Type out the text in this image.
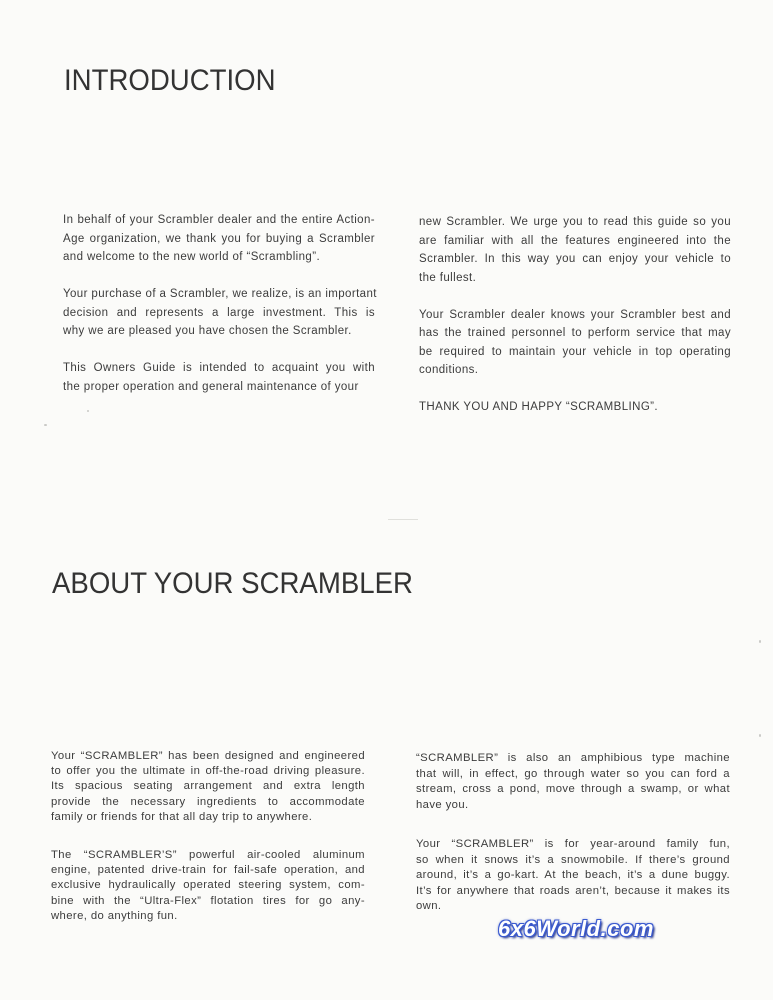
INTRODUCTION
In behalf of your Scrambler dealer and the entire Action-
Age organization, we thank you for buying a Scrambler
and welcome to the new world of “Scrambling”.
Your purchase of a Scrambler, we realize, is an important
decision and represents a large investment. This is
why we are pleased you have chosen the Scrambler.
This Owners Guide is intended to acquaint you with
the proper operation and general maintenance of your
new Scrambler. We urge you to read this guide so you
are familiar with all the features engineered into the
Scrambler. In this way you can enjoy your vehicle to
the fullest.
Your Scrambler dealer knows your Scrambler best and
has the trained personnel to perform service that may
be required to maintain your vehicle in top operating
conditions.
THANK YOU AND HAPPY “SCRAMBLING”.
ABOUT YOUR SCRAMBLER
Your “SCRAMBLER” has been designed and engineered
to offer you the ultimate in off-the-road driving pleasure.
Its spacious seating arrangement and extra length
provide the necessary ingredients to accommodate
family or friends for that all day trip to anywhere.
The “SCRAMBLER’S” powerful air-cooled aluminum
engine, patented drive-train for fail-safe operation, and
exclusive hydraulically operated steering system, com-
bine with the “Ultra-Flex” flotation tires for go any-
where, do anything fun.
“SCRAMBLER” is also an amphibious type machine
that will, in effect, go through water so you can ford a
stream, cross a pond, move through a swamp, or what
have you.
Your “SCRAMBLER” is for year-around family fun,
so when it snows it’s a snowmobile. If there’s ground
around, it’s a go-kart. At the beach, it’s a dune buggy.
It’s for anywhere that roads aren’t, because it makes its
own.
6x6World.com
